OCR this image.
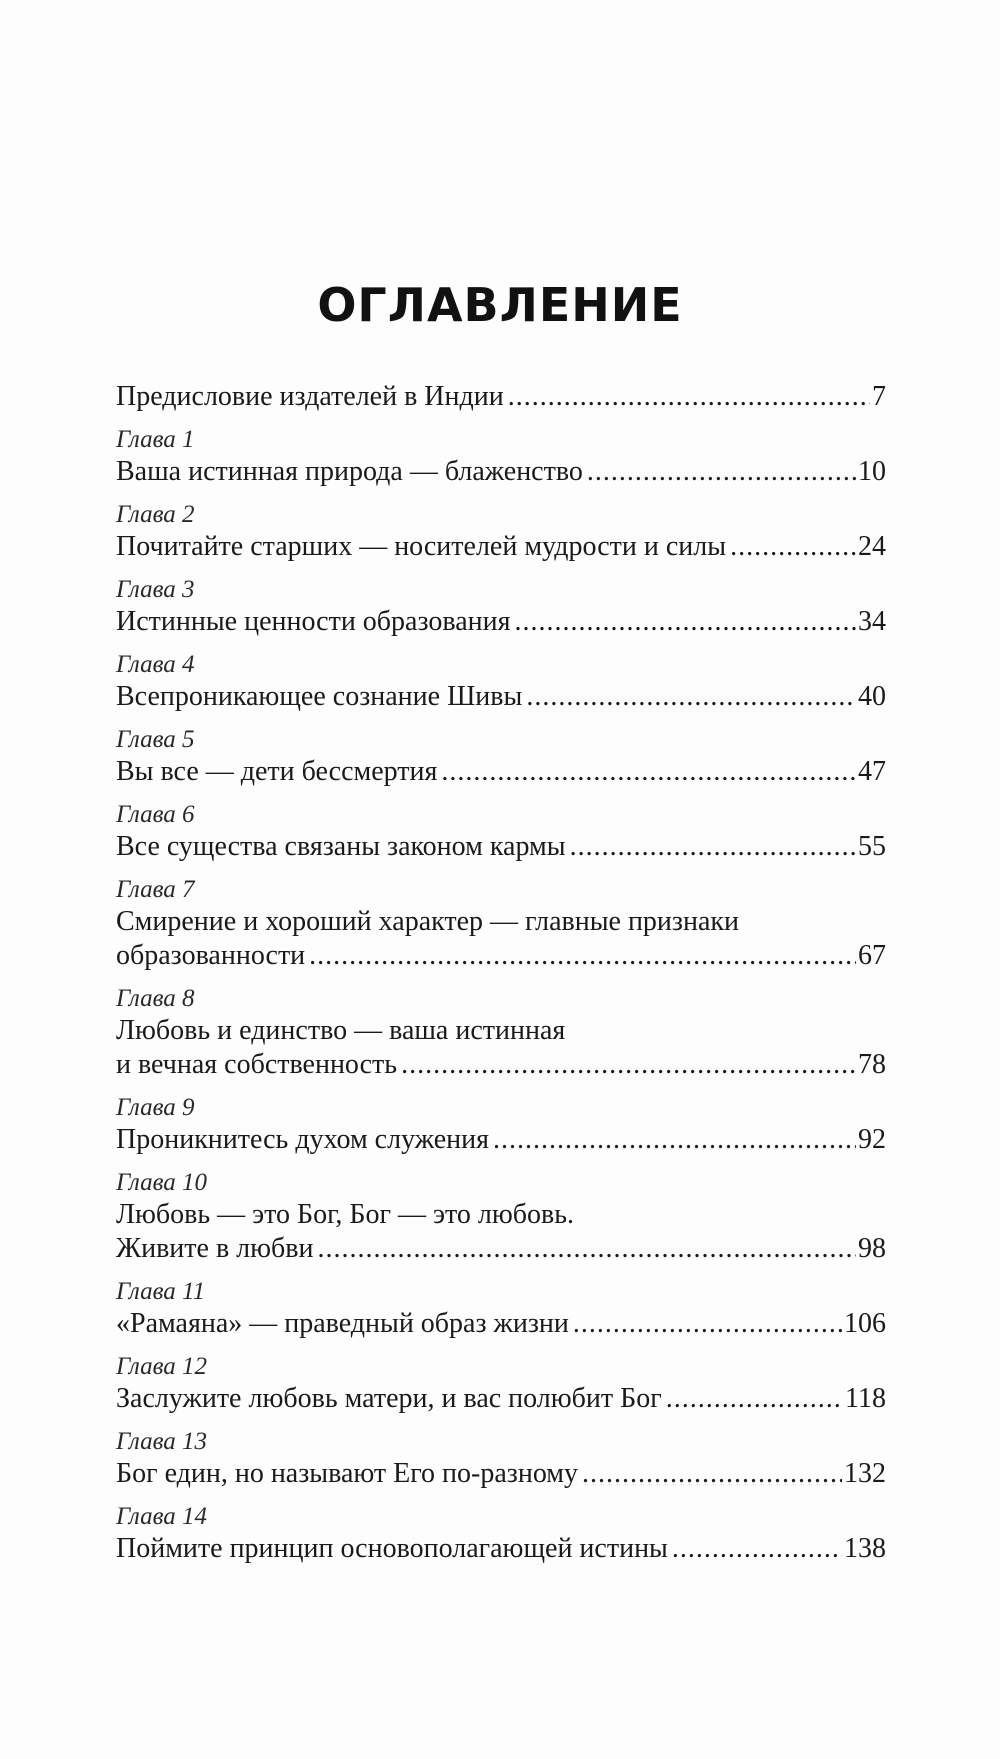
ОГЛАВЛЕНИЕ
Предисловие издателей в Индии .....	7
Глава 1
Ваша истинная природа — блаженство .....	10
Глава 2
Почитайте старших — носителей мудрости и силы .....	24
Глава 3
Истинные ценности образования .....	34
Глава 4
Всепроникающее сознание Шивы .....	40
Глава 5
Вы все — дети бессмертия .....	47
Глава 6
Все существа связаны законом кармы .....	55
Глава 7
Смирение и хороший характер — главные признаки
образованности .....	67
Глава 8
Любовь и единство — ваша истинная
и вечная собственность .....	78
Глава 9
Проникнитесь духом служения .....	92
Глава 10
Любовь — это Бог, Бог — это любовь.
Живите в любви .....	98
Глава 11
«Рамаяна» — праведный образ жизни .....	106
Глава 12
Заслужите любовь матери, и вас полюбит Бог .....	118
Глава 13
Бог един, но называют Его по-разному .....	132
Глава 14
Поймите принцип основополагающей истины .....	138
